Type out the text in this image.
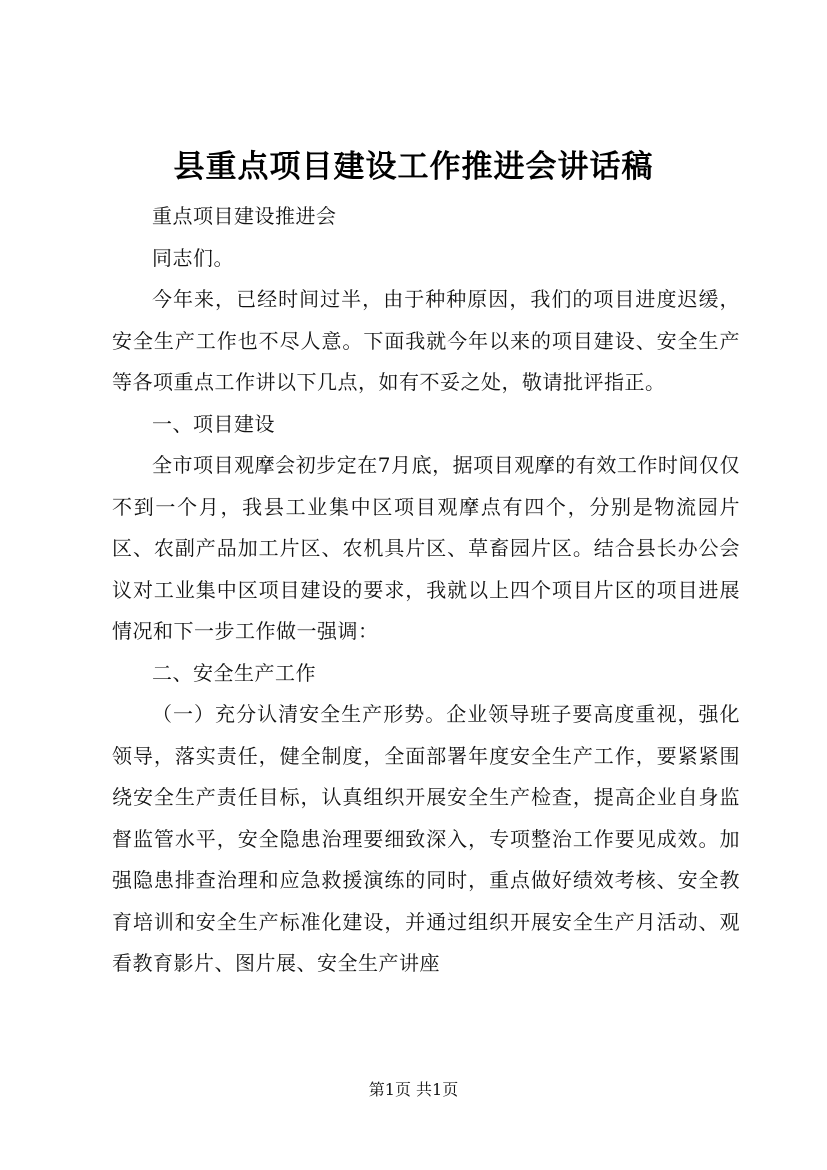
县重点项目建设工作推进会讲话稿

重点项目建设推进会

同志们。

今年来，已经时间过半，由于种种原因，我们的项目进度迟缓，安全生产工作也不尽人意。下面我就今年以来的项目建设、安全生产等各项重点工作讲以下几点，如有不妥之处，敬请批评指正。

一、项目建设

全市项目观摩会初步定在7月底，据项目观摩的有效工作时间仅仅不到一个月，我县工业集中区项目观摩点有四个，分别是物流园片区、农副产品加工片区、农机具片区、草畜园片区。结合县长办公会议对工业集中区项目建设的要求，我就以上四个项目片区的项目进展情况和下一步工作做一强调：

二、安全生产工作

（一）充分认清安全生产形势。企业领导班子要高度重视，强化领导，落实责任，健全制度，全面部署年度安全生产工作，要紧紧围绕安全生产责任目标，认真组织开展安全生产检查，提高企业自身监督监管水平，安全隐患治理要细致深入，专项整治工作要见成效。加强隐患排查治理和应急救援演练的同时，重点做好绩效考核、安全教育培训和安全生产标准化建设，并通过组织开展安全生产月活动、观看教育影片、图片展、安全生产讲座

第1页 共1页
